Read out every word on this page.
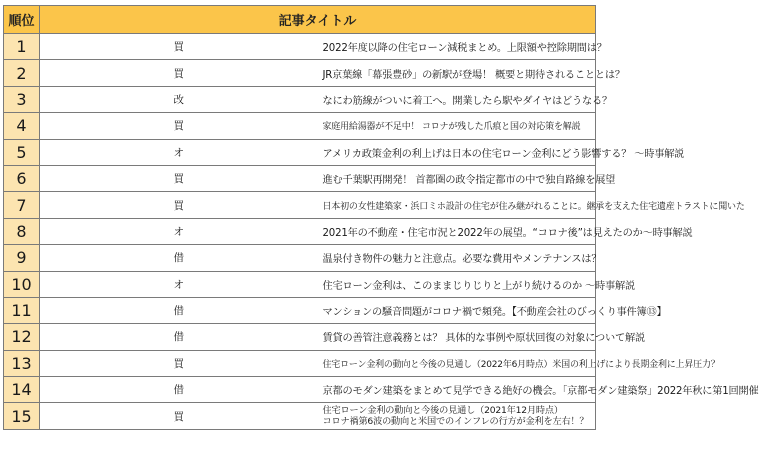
順位	記事タイトル	
1	買	2022年度以降の住宅ローン減税まとめ。上限額や控除期間は？
2	買	JR京葉線「幕張豊砂」の新駅が登場！ 概要と期待されることとは？
3	改	なにわ筋線がついに着工へ。開業したら駅やダイヤはどうなる？
4	買	家庭用給湯器が不足中！ コロナが残した爪痕と国の対応策を解説
5	オ	アメリカ政策金利の利上げは日本の住宅ローン金利にどう影響する？ ～時事解説
6	買	進む千葉駅再開発！ 首都圏の政令指定都市の中で独自路線を展望
7	買	日本初の女性建築家・浜口ミホ設計の住宅が住み継がれることに。継承を支えた住宅遺産トラストに聞いた
8	オ	2021年の不動産・住宅市況と2022年の展望。“コロナ後”は見えたのか～時事解説
9	借	温泉付き物件の魅力と注意点。必要な費用やメンテナンスは？
10	オ	住宅ローン金利は、このままじりじりと上がり続けるのか ～時事解説
11	借	マンションの騒音問題がコロナ禍で頻発。【不動産会社のびっくり事件簿⑬】
12	借	賃貸の善管注意義務とは？ 具体的な事例や原状回復の対象について解説
13	買	住宅ローン金利の動向と今後の見通し（2022年6月時点）米国の利上げにより長期金利に上昇圧力？
14	借	京都のモダン建築をまとめて見学できる絶好の機会。「京都モダン建築祭」2022年秋に第1回開催
15	買	住宅ローン金利の動向と今後の見通し（2021年12月時点）
コロナ禍第6波の動向と米国でのインフレの行方が金利を左右！？
